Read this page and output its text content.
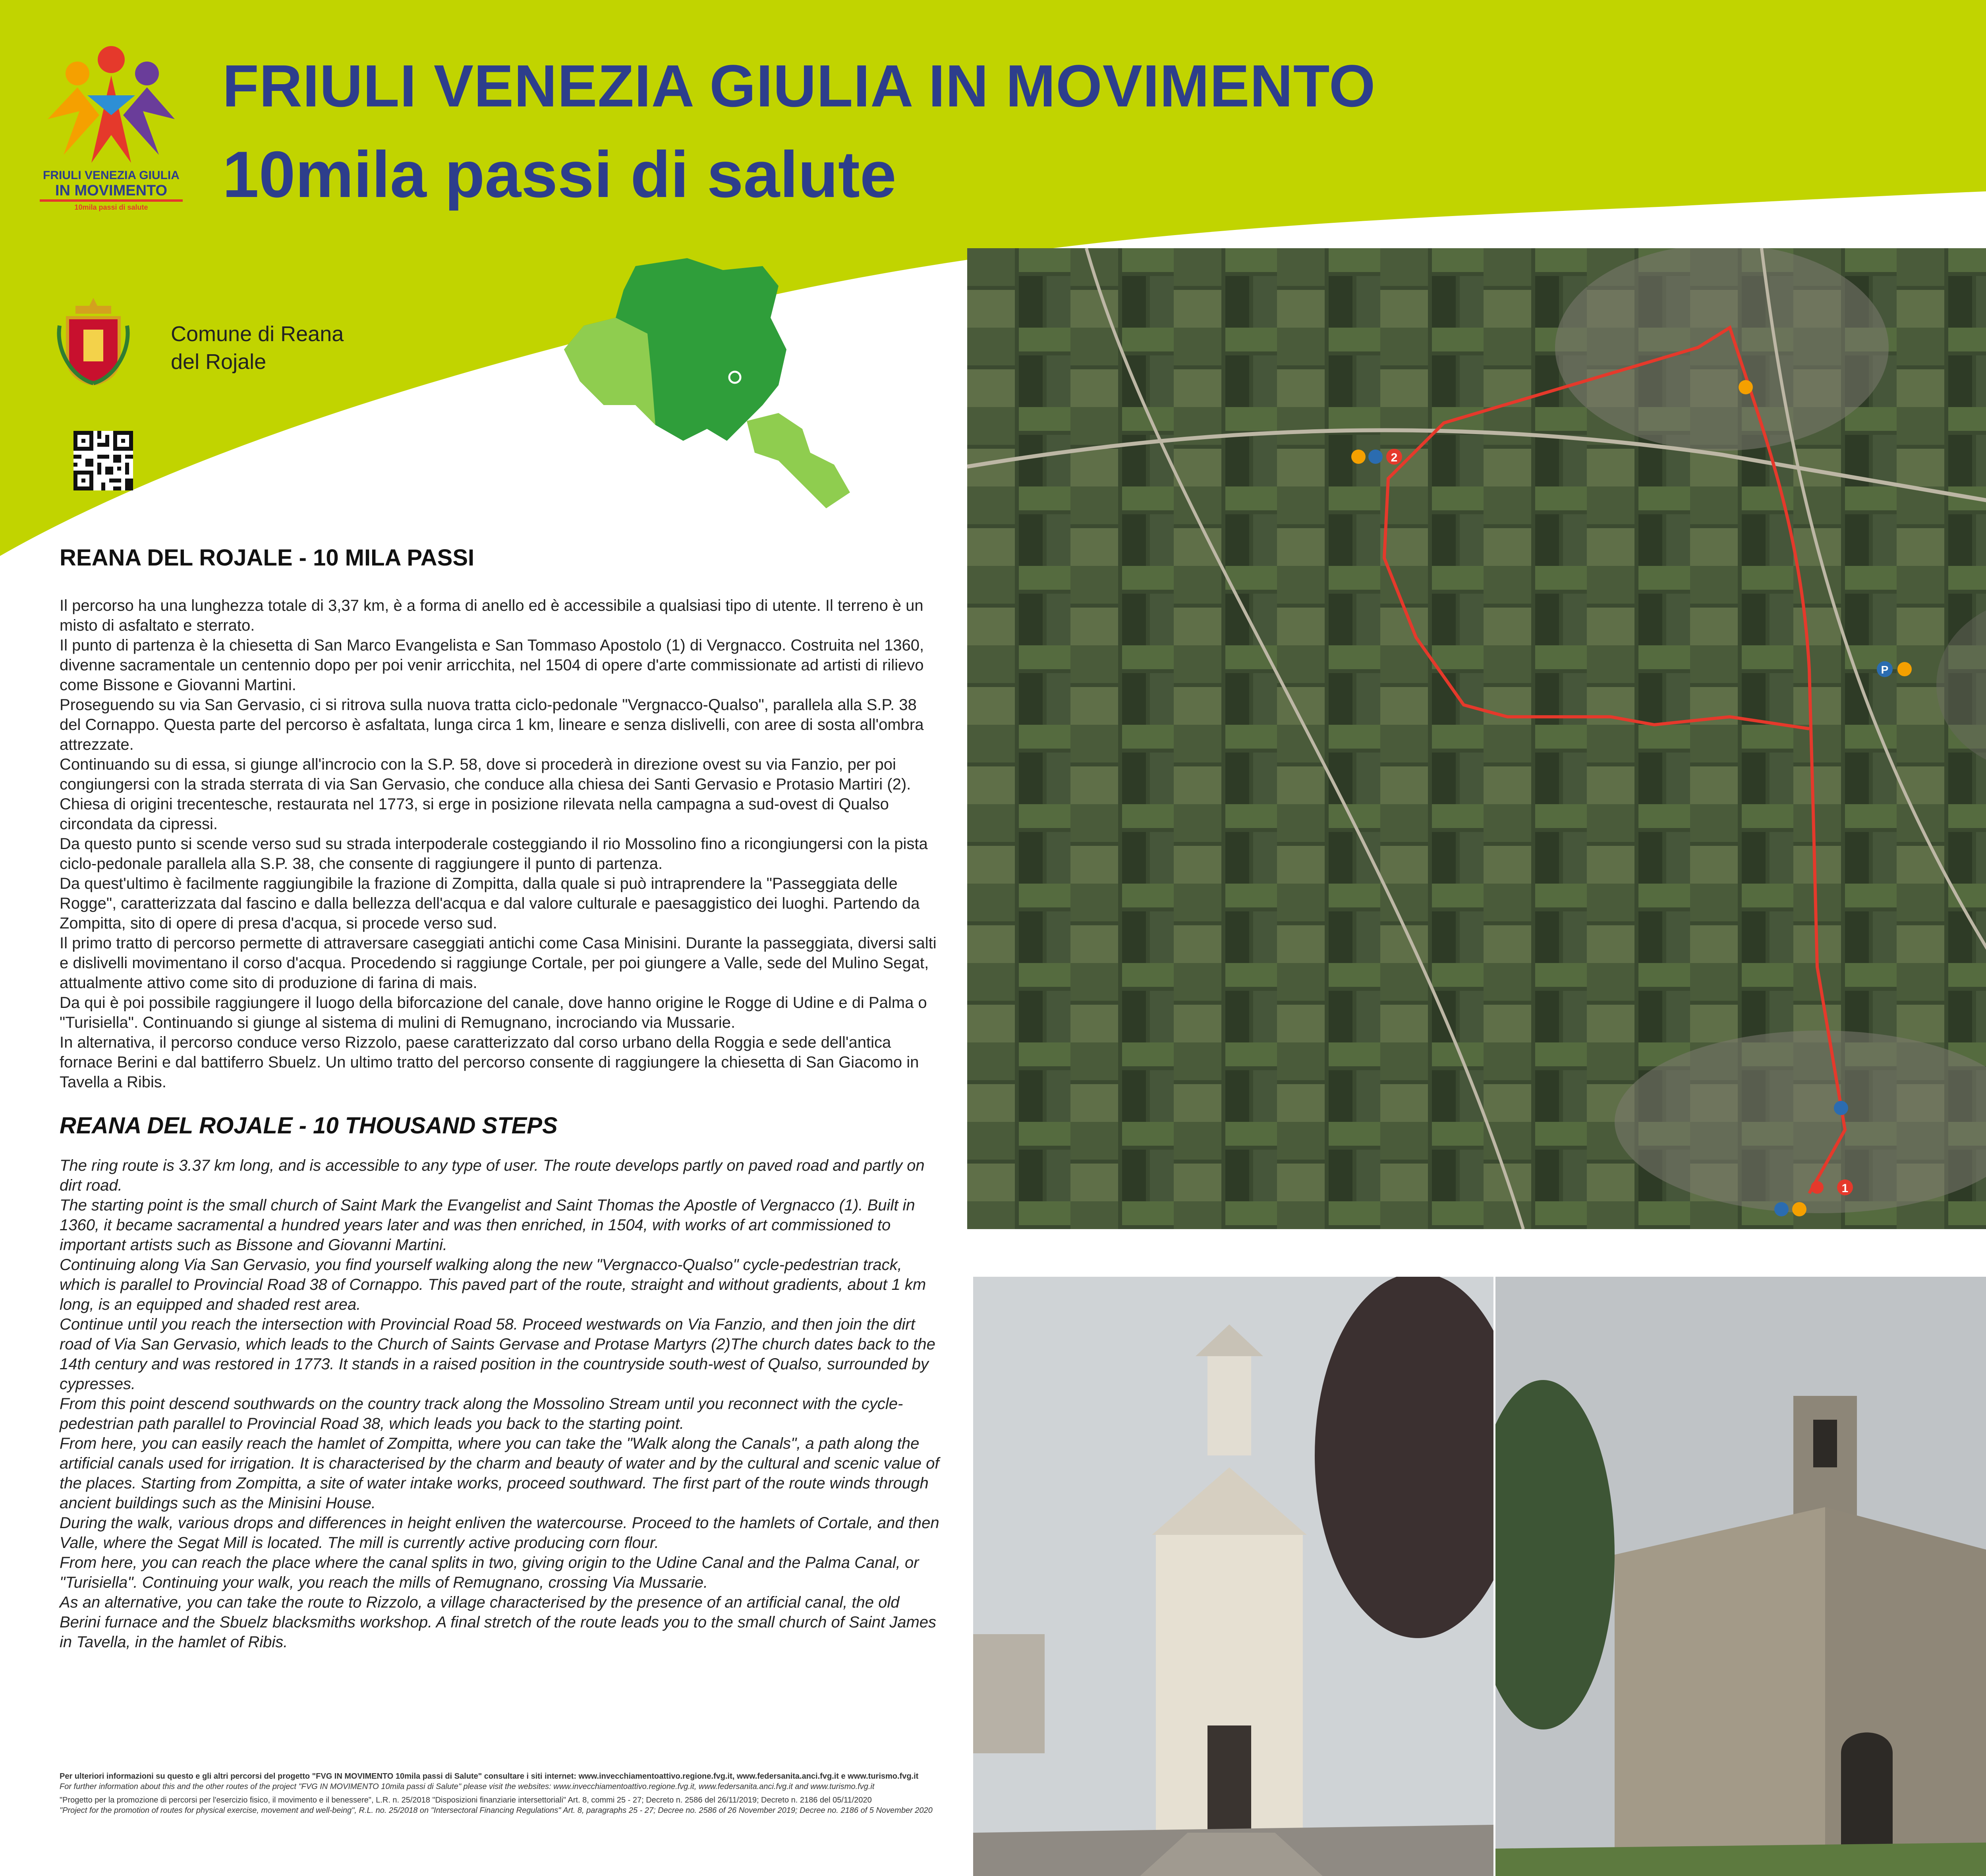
FRIULI VENEZIA GIULIA
IN MOVIMENTO
10mila passi di salute
FRIULI VENEZIA GIULIA IN MOVIMENTO
10mila passi di salute
Comune di Reana
del Rojale
REANA DEL ROJALE - 10 MILA PASSI

Il percorso ha una lunghezza totale di 3,37 km, è a forma di anello ed è accessibile a qualsiasi tipo di utente. Il terreno è un misto di asfaltato e sterrato.

Il punto di partenza è la chiesetta di San Marco Evangelista e San Tommaso Apostolo (1) di Vergnacco. Costruita nel 1360, divenne sacramentale un centennio dopo per poi venir arricchita, nel 1504 di opere d'arte commissionate ad artisti di rilievo come Bissone e Giovanni Martini.

Proseguendo su via San Gervasio, ci si ritrova sulla nuova tratta ciclo-pedonale "Vergnacco-Qualso", parallela alla S.P. 38 del Cornappo. Questa parte del percorso è asfaltata, lunga circa 1 km, lineare e senza dislivelli, con aree di sosta all'ombra attrezzate.

Continuando su di essa, si giunge all'incrocio con la S.P. 58, dove si procederà in direzione ovest su via Fanzio, per poi congiungersi con la strada sterrata di via San Gervasio, che conduce alla chiesa dei Santi Gervasio e Protasio Martiri (2). Chiesa di origini trecentesche, restaurata nel 1773, si erge in posizione rilevata nella campagna a sud-ovest di Qualso circondata da cipressi.

Da questo punto si scende verso sud su strada interpoderale costeggiando il rio Mossolino fino a ricongiungersi con la pista ciclo-pedonale parallela alla S.P. 38, che consente di raggiungere il punto di partenza.

Da quest'ultimo è facilmente raggiungibile la frazione di Zompitta, dalla quale si può intraprendere la "Passeggiata delle Rogge", caratterizzata dal fascino e dalla bellezza dell'acqua e dal valore culturale e paesaggistico dei luoghi. Partendo da Zompitta, sito di opere di presa d'acqua, si procede verso sud.

Il primo tratto di percorso permette di attraversare caseggiati antichi come Casa Minisini. Durante la passeggiata, diversi salti e dislivelli movimentano il corso d'acqua. Procedendo si raggiunge Cortale, per poi giungere a Valle, sede del Mulino Segat, attualmente attivo come sito di produzione di farina di mais.

Da qui è poi possibile raggiungere il luogo della biforcazione del canale, dove hanno origine le Rogge di Udine e di Palma o "Turisiella". Continuando si giunge al sistema di mulini di Remugnano, incrociando via Mussarie.

In alternativa, il percorso conduce verso Rizzolo, paese caratterizzato dal corso urbano della Roggia e sede dell'antica fornace Berini e dal battiferro Sbuelz. Un ultimo tratto del percorso consente di raggiungere la chiesetta di San Giacomo in Tavella a Ribis.

REANA DEL ROJALE - 10 THOUSAND STEPS

The ring route is 3.37 km long, and is accessible to any type of user. The route develops partly on paved road and partly on dirt road.

The starting point is the small church of Saint Mark the Evangelist and Saint Thomas the Apostle of Vergnacco (1). Built in 1360, it became sacramental a hundred years later and was then enriched, in 1504, with works of art commissioned to important artists such as Bissone and Giovanni Martini.

Continuing along Via San Gervasio, you find yourself walking along the new "Vergnacco-Qualso" cycle-pedestrian track, which is parallel to Provincial Road 38 of Cornappo. This paved part of the route, straight and without gradients, about 1 km long, is an equipped and shaded rest area.

Continue until you reach the intersection with Provincial Road 58. Proceed westwards on Via Fanzio, and then join the dirt road of Via San Gervasio, which leads to the Church of Saints Gervase and Protase Martyrs (2)The church dates back to the 14th century and was restored in 1773. It stands in a raised position in the countryside south-west of Qualso, surrounded by cypresses.

From this point descend southwards on the country track along the Mossolino Stream until you reconnect with the cycle-pedestrian path parallel to Provincial Road 38, which leads you back to the starting point.

From here, you can easily reach the hamlet of Zompitta, where you can take the "Walk along the Canals", a path along the artificial canals used for irrigation. It is characterised by the charm and beauty of water and by the cultural and scenic value of the places. Starting from Zompitta, a site of water intake works, proceed southward. The first part of the route winds through ancient buildings such as the Minisini House.

During the walk, various drops and differences in height enliven the watercourse. Proceed to the hamlets of Cortale, and then Valle, where the Segat Mill is located. The mill is currently active producing corn flour.

From here, you can reach the place where the canal splits in two, giving origin to the Udine Canal and the Palma Canal, or "Turisiella". Continuing your walk, you reach the mills of Remugnano, crossing Via Mussarie.

As an alternative, you can take the route to Rizzolo, a village characterised by the presence of an artificial canal, the old Berini furnace and the Sbuelz blacksmiths workshop. A final stretch of the route leads you to the small church of Saint James in Tavella, in the hamlet of Ribis.

Per ulteriori informazioni su questo e gli altri percorsi del progetto "FVG IN MOVIMENTO 10mila passi di Salute" consultare i siti internet: www.invecchiamentoattivo.regione.fvg.it, www.federsanita.anci.fvg.it e www.turismo.fvg.it
For further information about this and the other routes of the project "FVG IN MOVIMENTO 10mila passi di Salute" please visit the websites: www.invecchiamentoattivo.regione.fvg.it, www.federsanita.anci.fvg.it and www.turismo.fvg.it
"Progetto per la promozione di percorsi per l'esercizio fisico, il movimento e il benessere", L.R. n. 25/2018 "Disposizioni finanziarie intersettoriali" Art. 8, commi 25 - 27; Decreto n. 2586 del 26/11/2019; Decreto n. 2186 del 05/11/2020
"Project for the promotion of routes for physical exercise, movement and well-being", R.L. no. 25/2018 on "Intersectoral Financing Regulations" Art. 8, paragraphs 25 - 27; Decree no. 2586 of 26 November 2019; Decree no. 2186 of 5 November 2020
2
1
P
